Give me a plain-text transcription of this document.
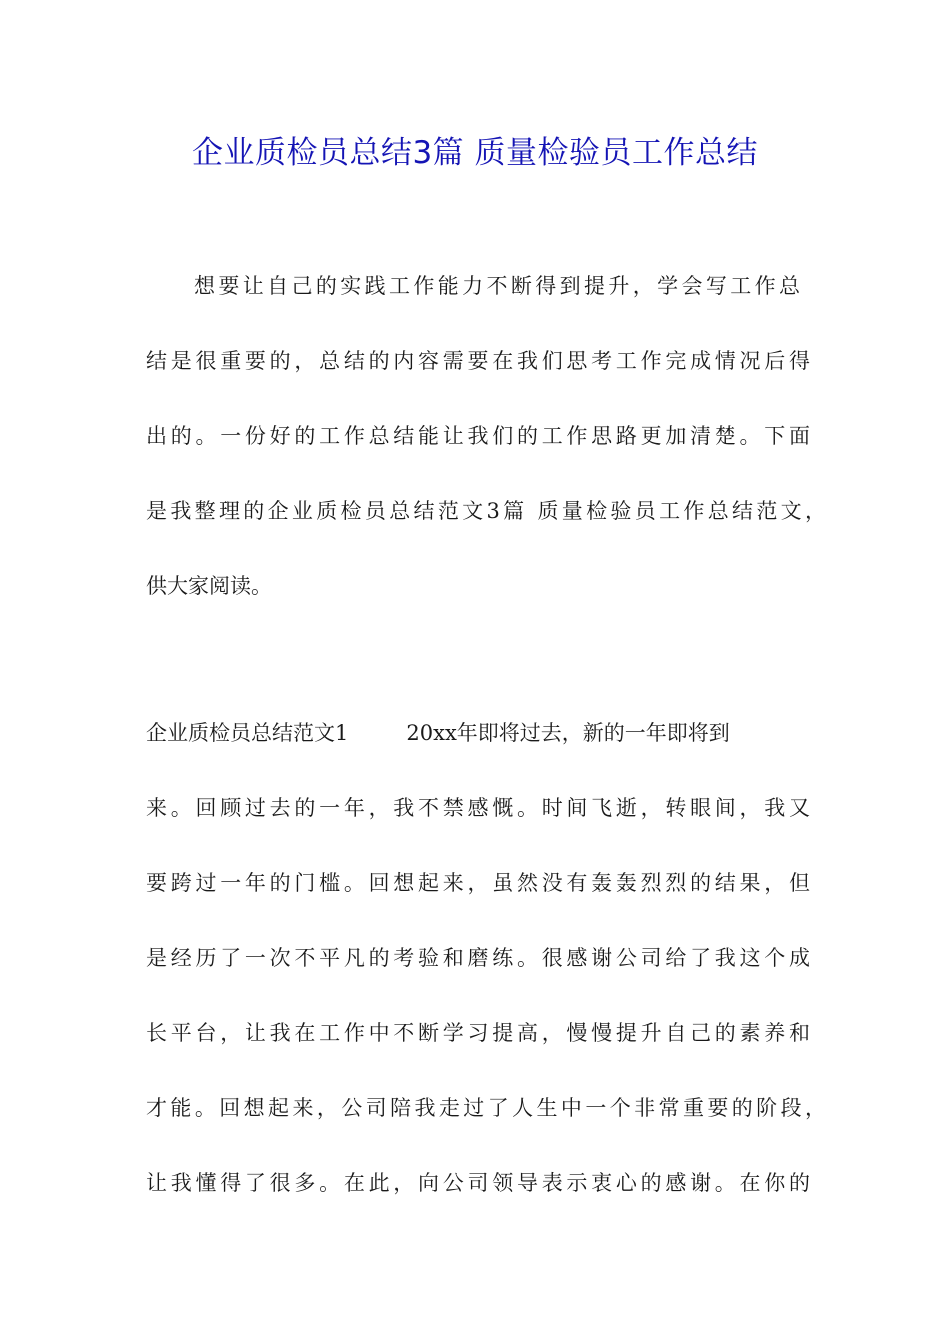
企业质检员总结3篇 质量检验员工作总结
想要让自己的实践工作能力不断得到提升，学会写工作总
结是很重要的，总结的内容需要在我们思考工作完成情况后得
出的。一份好的工作总结能让我们的工作思路更加清楚。下面
是我整理的企业质检员总结范文3篇 质量检验员工作总结范文，
供大家阅读。
企业质检员总结范文1	20xx年即将过去，新的一年即将到
来。回顾过去的一年，我不禁感慨。时间飞逝，转眼间，我又
要跨过一年的门槛。回想起来，虽然没有轰轰烈烈的结果，但
是经历了一次不平凡的考验和磨练。很感谢公司给了我这个成
长平台，让我在工作中不断学习提高，慢慢提升自己的素养和
才能。回想起来，公司陪我走过了人生中一个非常重要的阶段，
让我懂得了很多。在此，向公司领导表示衷心的感谢。在你的
